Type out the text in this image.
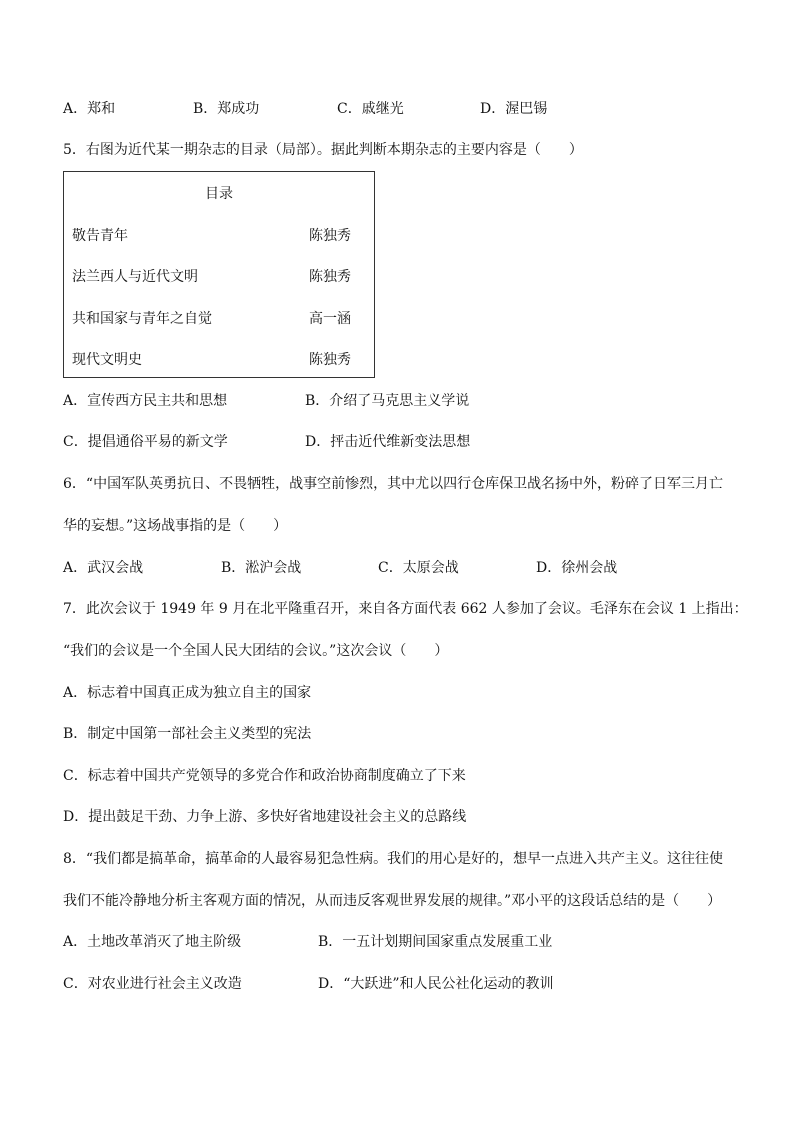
A．郑和	B．郑成功	C．戚继光	D．渥巴锡
5．右图为近代某一期杂志的目录（局部）。据此判断本期杂志的主要内容是（　　）
目录
敬告青年	陈独秀
法兰西人与近代文明	陈独秀
共和国家与青年之自觉	高一涵
现代文明史	陈独秀
A．宣传西方民主共和思想	B．介绍了马克思主义学说
C．提倡通俗平易的新文学	D．抨击近代维新变法思想
6．“中国军队英勇抗日、不畏牺牲，战事空前惨烈，其中尤以四行仓库保卫战名扬中外，粉碎了日军三月亡
华的妄想。”这场战事指的是（　　）
A．武汉会战	B．淞沪会战	C．太原会战	D．徐州会战
7．此次会议于 1949 年 9 月在北平隆重召开，来自各方面代表 662 人参加了会议。毛泽东在会议 1 上指出：
“我们的会议是一个全国人民大团结的会议。”这次会议（　　）
A．标志着中国真正成为独立自主的国家
B．制定中国第一部社会主义类型的宪法
C．标志着中国共产党领导的多党合作和政治协商制度确立了下来
D．提出鼓足干劲、力争上游、多快好省地建设社会主义的总路线
8．“我们都是搞革命，搞革命的人最容易犯急性病。我们的用心是好的，想早一点进入共产主义。这往往使
我们不能冷静地分析主客观方面的情况，从而违反客观世界发展的规律。”邓小平的这段话总结的是（　　）
A．土地改革消灭了地主阶级	B．一五计划期间国家重点发展重工业
C．对农业进行社会主义改造	D．“大跃进”和人民公社化运动的教训
